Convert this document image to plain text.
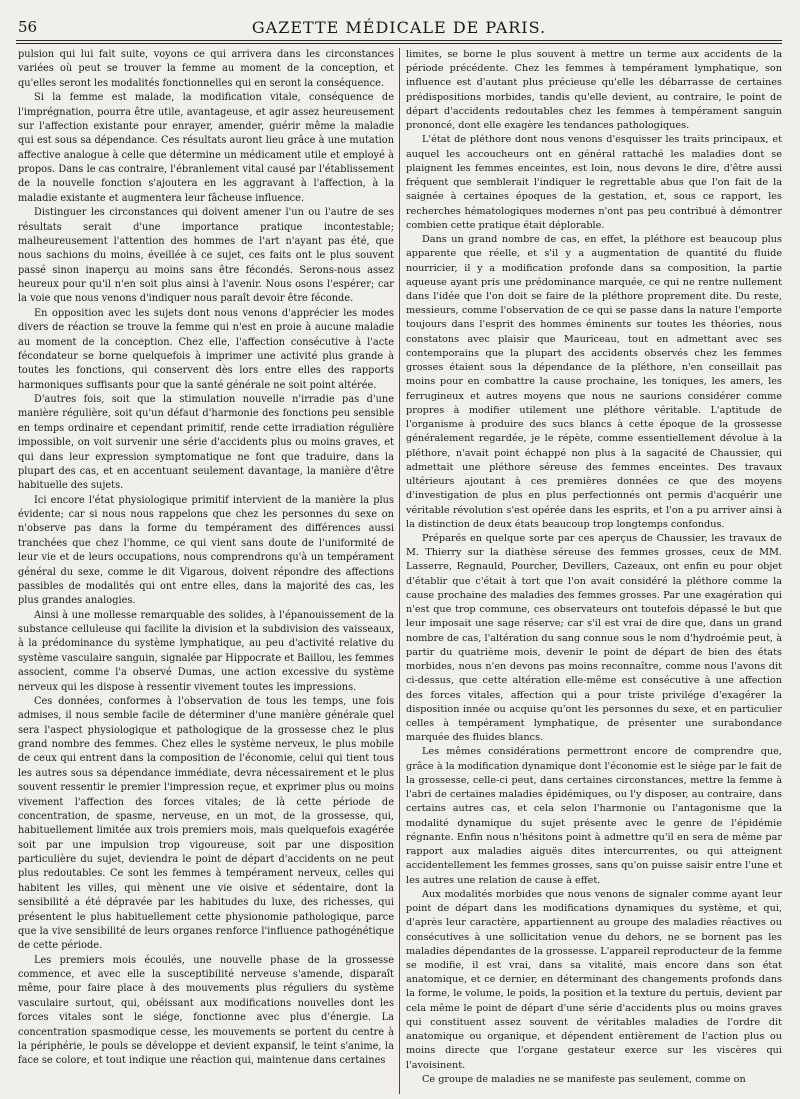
56	GAZETTE MÉDICALE DE PARIS.

pulsion qui lui fait suite, voyons ce qui arrivera dans les circonstances variées où peut se trouver la femme au moment de la conception, et qu'elles seront les modalités fonctionnelles qui en seront la conséquence.

Si la femme est malade, la modification vitale, conséquence de l'imprégnation, pourra être utile, avantageuse, et agir assez heureusement sur l'affection existante pour enrayer, amender, guérir même la maladie qui est sous sa dépendance. Ces résultats auront lieu grâce à une mutation affective analogue à celle que détermine un médicament utile et employé à propos. Dans le cas contraire, l'ébranlement vital causé par l'établissement de la nouvelle fonction s'ajoutera en les aggravant à l'affection, à la maladie existante et augmentera leur fâcheuse influence.

Distinguer les circonstances qui doivent amener l'un ou l'autre de ses résultats serait d'une importance pratique incontestable; malheureusement l'attention des hommes de l'art n'ayant pas été, que nous sachions du moins, éveillée à ce sujet, ces faits ont le plus souvent passé sinon inaperçu au moins sans être fécondés. Serons-nous assez heureux pour qu'il n'en soit plus ainsi à l'avenir. Nous osons l'espérer; car la voie que nous venons d'indiquer nous paraît devoir être féconde.

En opposition avec les sujets dont nous venons d'apprécier les modes divers de réaction se trouve la femme qui n'est en proie à aucune maladie au moment de la conception. Chez elle, l'affection consécutive à l'acte fécondateur se borne quelquefois à imprimer une activité plus grande à toutes les fonctions, qui conservent dès lors entre elles des rapports harmoniques suffisants pour que la santé générale ne soit point altérée.

D'autres fois, soit que la stimulation nouvelle n'irradie pas d'une manière régulière, soit qu'un défaut d'harmonie des fonctions peu sensible en temps ordinaire et cependant primitif, rende cette irradiation régulière impossible, on voit survenir une série d'accidents plus ou moins graves, et qui dans leur expression symptomatique ne font que traduire, dans la plupart des cas, et en accentuant seulement davantage, la manière d'être habituelle des sujets.

Ici encore l'état physiologique primitif intervient de la manière la plus évidente; car si nous nous rappelons que chez les personnes du sexe on n'observe pas dans la forme du tempérament des différences aussi tranchées que chez l'homme, ce qui vient sans doute de l'uniformité de leur vie et de leurs occupations, nous comprendrons qu'à un tempérament général du sexe, comme le dit Vigarous, doivent répondre des affections passibles de modalités qui ont entre elles, dans la majorité des cas, les plus grandes analogies.

Ainsi à une mollesse remarquable des solides, à l'épanouissement de la substance celluleuse qui facilite la division et la subdivision des vaisseaux, à la prédominance du système lymphatique, au peu d'activité relative du système vasculaire sanguin, signalée par Hippocrate et Baillou, les femmes associent, comme l'a observé Dumas, une action excessive du système nerveux qui les dispose à ressentir vivement toutes les impressions.

Ces données, conformes à l'observation de tous les temps, une fois admises, il nous semble facile de déterminer d'une manière générale quel sera l'aspect physiologique et pathologique de la grossesse chez le plus grand nombre des femmes. Chez elles le système nerveux, le plus mobile de ceux qui entrent dans la composition de l'économie, celui qui tient tous les autres sous sa dépendance immédiate, devra nécessairement et le plus souvent ressentir le premier l'impression reçue, et exprimer plus ou moins vivement l'affection des forces vitales; de là cette période de concentration, de spasme, nerveuse, en un mot, de la grossesse, qui, habituellement limitée aux trois premiers mois, mais quelquefois exagérée soit par une impulsion trop vigoureuse, soit par une disposition particulière du sujet, deviendra le point de départ d'accidents on ne peut plus redoutables. Ce sont les femmes à tempérament nerveux, celles qui habitent les villes, qui mènent une vie oisive et sédentaire, dont la sensibilité a été dépravée par les habitudes du luxe, des richesses, qui présentent le plus habituellement cette physionomie pathologique, parce que la vive sensibilité de leurs organes renforce l'influence pathogénétique de cette période.

Les premiers mois écoulés, une nouvelle phase de la grossesse commence, et avec elle la susceptibilité nerveuse s'amende, disparaît même, pour faire place à des mouvements plus réguliers du système vasculaire surtout, qui, obéissant aux modifications nouvelles dont les forces vitales sont le siége, fonctionne avec plus d'énergie. La concentration spasmodique cesse, les mouvements se portent du centre à la périphérie, le pouls se développe et devient expansif, le teint s'anime, la face se colore, et tout indique une réaction qui, maintenue dans certaines

limites, se borne le plus souvent à mettre un terme aux accidents de la période précédente. Chez les femmes à tempérament lymphatique, son influence est d'autant plus précieuse qu'elle les débarrasse de certaines prédispositions morbides, tandis qu'elle devient, au contraire, le point de départ d'accidents redoutables chez les femmes à tempérament sanguin prononcé, dont elle exagère les tendances pathologiques.

L'état de pléthore dont nous venons d'esquisser les traits principaux, et auquel les accoucheurs ont en général rattaché les maladies dont se plaignent les femmes enceintes, est loin, nous devons le dire, d'être aussi fréquent que semblerait l'indiquer le regrettable abus que l'on fait de la saignée à certaines époques de la gestation, et, sous ce rapport, les recherches hématologiques modernes n'ont pas peu contribué à démontrer combien cette pratique était déplorable.

Dans un grand nombre de cas, en effet, la pléthore est beaucoup plus apparente que réelle, et s'il y a augmentation de quantité du fluide nourricier, il y a modification profonde dans sa composition, la partie aqueuse ayant pris une prédominance marquée, ce qui ne rentre nullement dans l'idée que l'on doit se faire de la pléthore proprement dite. Du reste, messieurs, comme l'observation de ce qui se passe dans la nature l'emporte toujours dans l'esprit des hommes éminents sur toutes les théories, nous constatons avec plaisir que Mauriceau, tout en admettant avec ses contemporains que la plupart des accidents observés chez les femmes grosses étaient sous la dépendance de la pléthore, n'en conseillait pas moins pour en combattre la cause prochaine, les toniques, les amers, les ferrugineux et autres moyens que nous ne saurions considérer comme propres à modifier utilement une pléthore véritable. L'aptitude de l'organisme à produire des sucs blancs à cette époque de la grossesse généralement regardée, je le répète, comme essentiellement dévolue à la pléthore, n'avait point échappé non plus à la sagacité de Chaussier, qui admettait une pléthore séreuse des femmes enceintes. Des travaux ultérieurs ajoutant à ces premières données ce que des moyens d'investigation de plus en plus perfectionnés ont permis d'acquérir une véritable révolution s'est opérée dans les esprits, et l'on a pu arriver ainsi à la distinction de deux états beaucoup trop longtemps confondus.

Préparés en quelque sorte par ces aperçus de Chaussier, les travaux de M. Thierry sur la diathèse séreuse des femmes grosses, ceux de MM. Lasserre, Regnauld, Pourcher, Devillers, Cazeaux, ont enfin eu pour objet d'établir que c'était à tort que l'on avait considéré la pléthore comme la cause prochaine des maladies des femmes grosses. Par une exagération qui n'est que trop commune, ces observateurs ont toutefois dépassé le but que leur imposait une sage réserve; car s'il est vrai de dire que, dans un grand nombre de cas, l'altération du sang connue sous le nom d'hydroémie peut, à partir du quatrième mois, devenir le point de départ de bien des états morbides, nous n'en devons pas moins reconnaître, comme nous l'avons dit ci-dessus, que cette altération elle-même est consécutive à une affection des forces vitales, affection qui a pour triste privilége d'exagérer la disposition innée ou acquise qu'ont les personnes du sexe, et en particulier celles à tempérament lymphatique, de présenter une surabondance marquée des fluides blancs.

Les mêmes considérations permettront encore de comprendre que, grâce à la modification dynamique dont l'économie est le siége par le fait de la grossesse, celle-ci peut, dans certaines circonstances, mettre la femme à l'abri de certaines maladies épidémiques, ou l'y disposer, au contraire, dans certains autres cas, et cela selon l'harmonie ou l'antagonisme que la modalité dynamique du sujet présente avec le genre de l'épidémie régnante. Enfin nous n'hésitons point à admettre qu'il en sera de même par rapport aux maladies aiguës dites intercurrentes, ou qui atteignent accidentellement les femmes grosses, sans qu'on puisse saisir entre l'une et les autres une relation de cause à effet.

Aux modalités morbides que nous venons de signaler comme ayant leur point de départ dans les modifications dynamiques du système, et qui, d'après leur caractère, appartiennent au groupe des maladies réactives ou consécutives à une sollicitation venue du dehors, ne se bornent pas les maladies dépendantes de la grossesse. L'appareil reproducteur de la femme se modifie, il est vrai, dans sa vitalité, mais encore dans son état anatomique, et ce dernier, en déterminant des changements profonds dans la forme, le volume, le poids, la position et la texture du pertuis, devient par cela même le point de départ d'une série d'accidents plus ou moins graves qui constituent assez souvent de véritables maladies de l'ordre dit anatomique ou organique, et dépendent entièrement de l'action plus ou moins directe que l'organe gestateur exerce sur les viscères qui l'avoisinent.

Ce groupe de maladies ne se manifeste pas seulement, comme on
